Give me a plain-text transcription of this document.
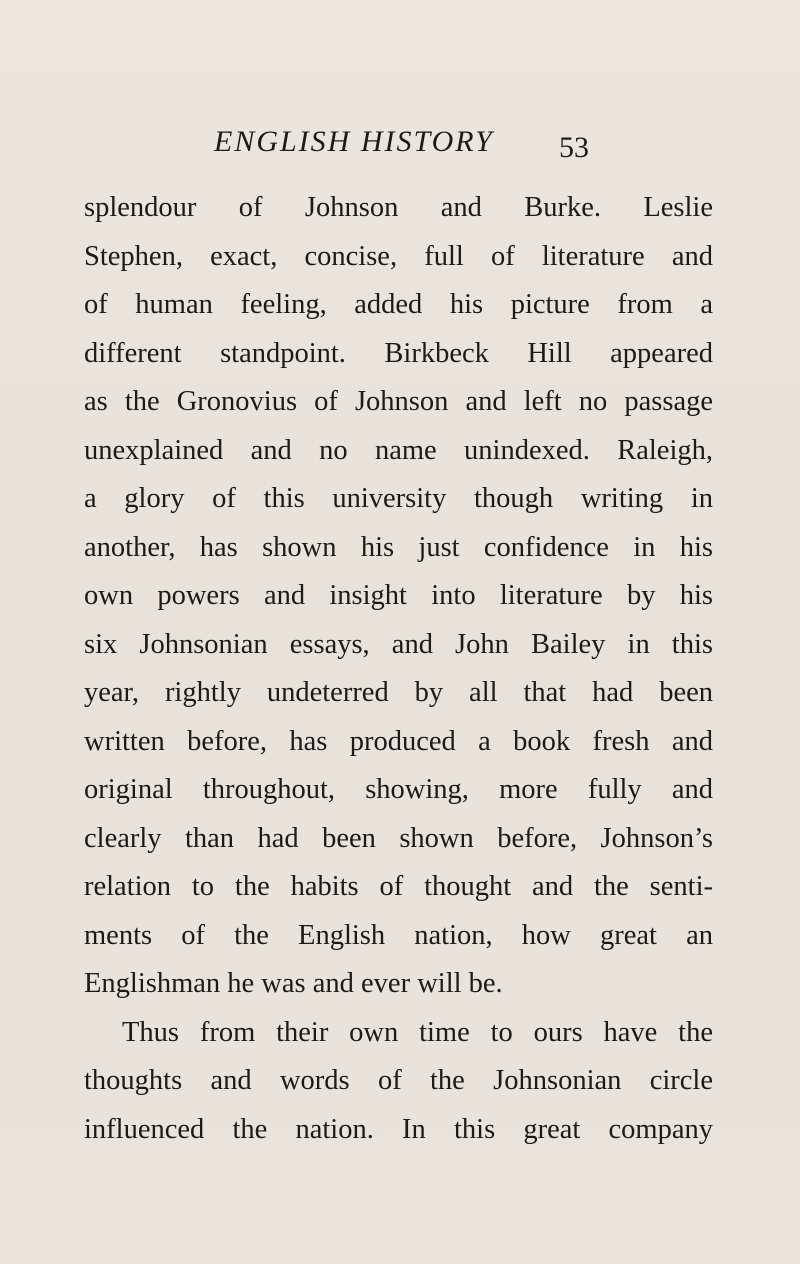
ENGLISH HISTORY	53
splendour of Johnson and Burke. Leslie
Stephen, exact, concise, full of literature and
of human feeling, added his picture from a
different standpoint. Birkbeck Hill appeared
as the Gronovius of Johnson and left no passage
unexplained and no name unindexed. Raleigh,
a glory of this university though writing in
another, has shown his just confidence in his
own powers and insight into literature by his
six Johnsonian essays, and John Bailey in this
year, rightly undeterred by all that had been
written before, has produced a book fresh and
original throughout, showing, more fully and
clearly than had been shown before, Johnson’s
relation to the habits of thought and the senti-
ments of the English nation, how great an
Englishman he was and ever will be.
Thus from their own time to ours have the
thoughts and words of the Johnsonian circle
influenced the nation. In this great company
